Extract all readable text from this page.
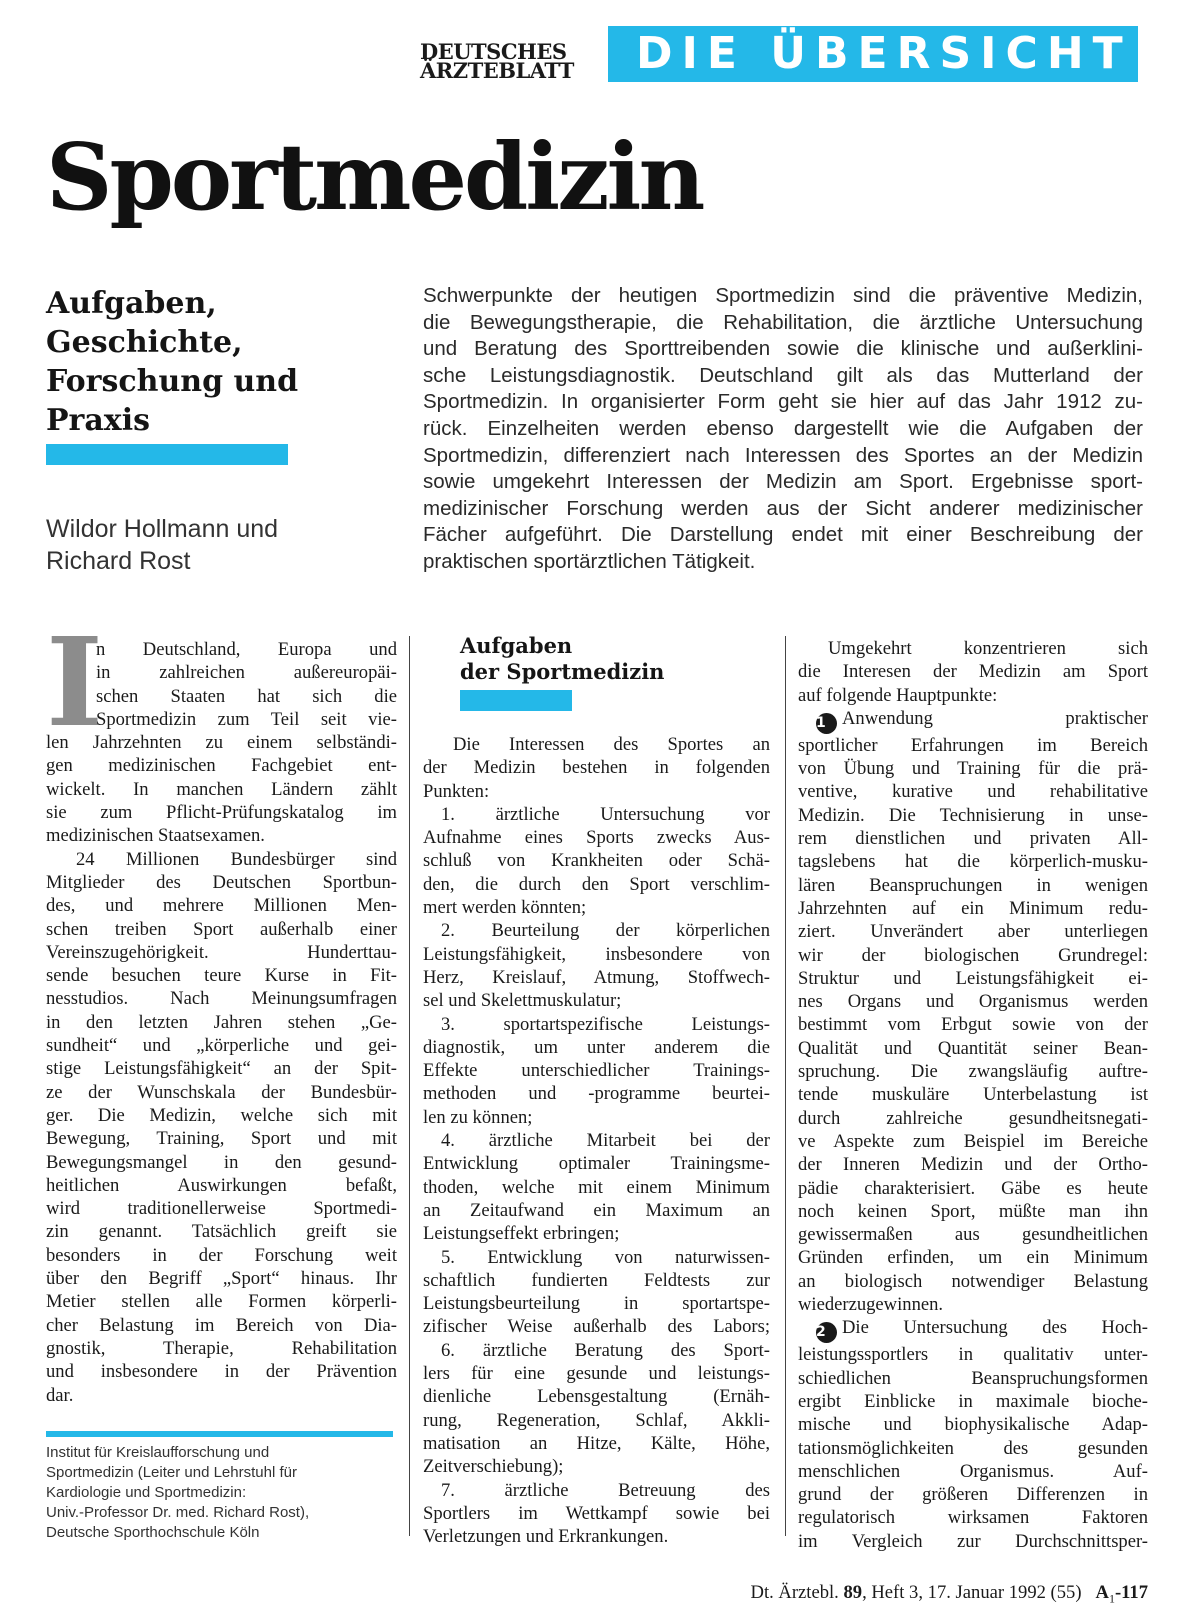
DEUTSCHES
ÄRZTEBLATT	DIE ÜBERSICHT
Sportmedizin
Aufgaben,
Geschichte,
Forschung und
Praxis
Wildor Hollmann und
Richard Rost
Schwerpunkte der heutigen Sportmedizin sind die präventive Medizin,
die Bewegungstherapie, die Rehabilitation, die ärztliche Untersuchung
und Beratung des Sporttreibenden sowie die klinische und außerklini-
sche Leistungsdiagnostik. Deutschland gilt als das Mutterland der
Sportmedizin. In organisierter Form geht sie hier auf das Jahr 1912 zu-
rück. Einzelheiten werden ebenso dargestellt wie die Aufgaben der
Sportmedizin, differenziert nach Interessen des Sportes an der Medizin
sowie umgekehrt Interessen der Medizin am Sport. Ergebnisse sport-
medizinischer Forschung werden aus der Sicht anderer medizinischer
Fächer aufgeführt. Die Darstellung endet mit einer Beschreibung der
praktischen sportärztlichen Tätigkeit.
I
n Deutschland, Europa und
in zahlreichen außereuropäi-
schen Staaten hat sich die
Sportmedizin zum Teil seit vie-
len Jahrzehnten zu einem selbständi-
gen medizinischen Fachgebiet ent-
wickelt. In manchen Ländern zählt
sie zum Pflicht-Prüfungskatalog im
medizinischen Staatsexamen.
24 Millionen Bundesbürger sind
Mitglieder des Deutschen Sportbun-
des, und mehrere Millionen Men-
schen treiben Sport außerhalb einer
Vereinszugehörigkeit. Hunderttau-
sende besuchen teure Kurse in Fit-
nesstudios. Nach Meinungsumfragen
in den letzten Jahren stehen „Ge-
sundheit“ und „körperliche und gei-
stige Leistungsfähigkeit“ an der Spit-
ze der Wunschskala der Bundesbür-
ger. Die Medizin, welche sich mit
Bewegung, Training, Sport und mit
Bewegungsmangel in den gesund-
heitlichen Auswirkungen befaßt,
wird traditionellerweise Sportmedi-
zin genannt. Tatsächlich greift sie
besonders in der Forschung weit
über den Begriff „Sport“ hinaus. Ihr
Metier stellen alle Formen körperli-
cher Belastung im Bereich von Dia-
gnostik, Therapie, Rehabilitation
und insbesondere in der Prävention
dar.
Institut für Kreislaufforschung und
Sportmedizin (Leiter und Lehrstuhl für
Kardiologie und Sportmedizin:
Univ.-Professor Dr. med. Richard Rost),
Deutsche Sporthochschule Köln
Aufgaben
der Sportmedizin
Die Interessen des Sportes an
der Medizin bestehen in folgenden
Punkten:
1. ärztliche Untersuchung vor
Aufnahme eines Sports zwecks Aus-
schluß von Krankheiten oder Schä-
den, die durch den Sport verschlim-
mert werden könnten;
2. Beurteilung der körperlichen
Leistungsfähigkeit, insbesondere von
Herz, Kreislauf, Atmung, Stoffwech-
sel und Skelettmuskulatur;
3. sportartspezifische Leistungs-
diagnostik, um unter anderem die
Effekte unterschiedlicher Trainings-
methoden und -programme beurtei-
len zu können;
4. ärztliche Mitarbeit bei der
Entwicklung optimaler Trainingsme-
thoden, welche mit einem Minimum
an Zeitaufwand ein Maximum an
Leistungseffekt erbringen;
5. Entwicklung von naturwissen-
schaftlich fundierten Feldtests zur
Leistungsbeurteilung in sportartspe-
zifischer Weise außerhalb des Labors;
6. ärztliche Beratung des Sport-
lers für eine gesunde und leistungs-
dienliche Lebensgestaltung (Ernäh-
rung, Regeneration, Schlaf, Akkli-
matisation an Hitze, Kälte, Höhe,
Zeitverschiebung);
7. ärztliche Betreuung des
Sportlers im Wettkampf sowie bei
Verletzungen und Erkrankungen.
Umgekehrt konzentrieren sich
die Interesen der Medizin am Sport
auf folgende Hauptpunkte:
1 Anwendung praktischer
sportlicher Erfahrungen im Bereich
von Übung und Training für die prä-
ventive, kurative und rehabilitative
Medizin. Die Technisierung in unse-
rem dienstlichen und privaten All-
tagslebens hat die körperlich-musku-
lären Beanspruchungen in wenigen
Jahrzehnten auf ein Minimum redu-
ziert. Unverändert aber unterliegen
wir der biologischen Grundregel:
Struktur und Leistungsfähigkeit ei-
nes Organs und Organismus werden
bestimmt vom Erbgut sowie von der
Qualität und Quantität seiner Bean-
spruchung. Die zwangsläufig auftre-
tende muskuläre Unterbelastung ist
durch zahlreiche gesundheitsnegati-
ve Aspekte zum Beispiel im Bereiche
der Inneren Medizin und der Ortho-
pädie charakterisiert. Gäbe es heute
noch keinen Sport, müßte man ihn
gewissermaßen aus gesundheitlichen
Gründen erfinden, um ein Minimum
an biologisch notwendiger Belastung
wiederzugewinnen.
2 Die Untersuchung des Hoch-
leistungssportlers in qualitativ unter-
schiedlichen Beanspruchungsformen
ergibt Einblicke in maximale bioche-
mische und biophysikalische Adap-
tationsmöglichkeiten des gesunden
menschlichen Organismus. Auf-
grund der größeren Differenzen in
regulatorisch wirksamen Faktoren
im Vergleich zur Durchschnittsper-
Dt. Ärztebl. 89, Heft 3, 17. Januar 1992 (55) $A_1-117$
